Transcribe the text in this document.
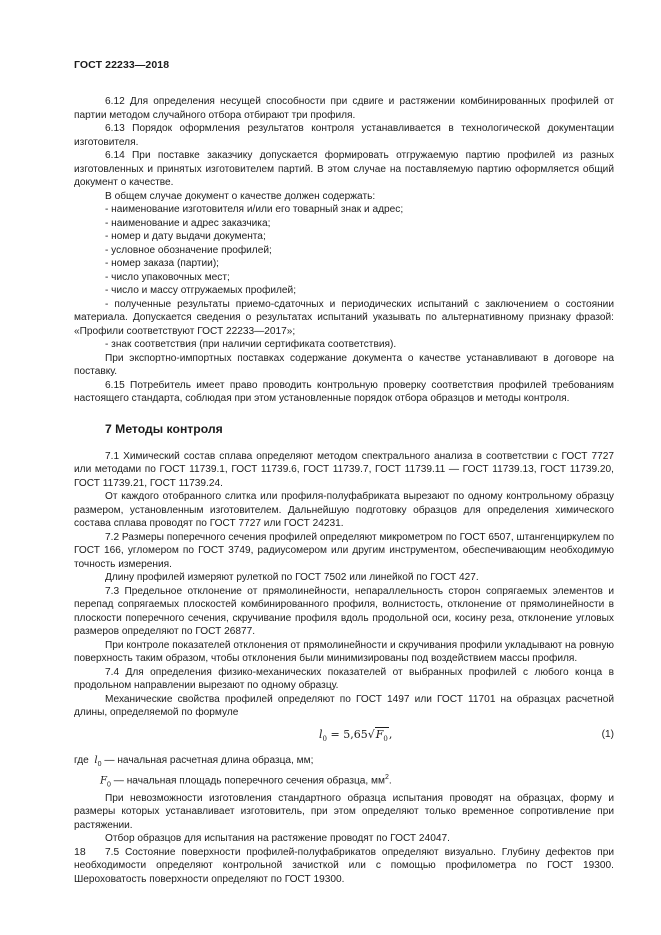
ГОСТ 22233—2018

6.12 Для определения несущей способности при сдвиге и растяжении комбинированных профилей от партии методом случайного отбора отбирают три профиля.

6.13 Порядок оформления результатов контроля устанавливается в технологической документации изготовителя.

6.14 При поставке заказчику допускается формировать отгружаемую партию профилей из разных изготовленных и принятых изготовителем партий. В этом случае на поставляемую партию оформляется общий документ о качестве.

В общем случае документ о качестве должен содержать:

- наименование изготовителя и/или его товарный знак и адрес;

- наименование и адрес заказчика;

- номер и дату выдачи документа;

- условное обозначение профилей;

- номер заказа (партии);

- число упаковочных мест;

- число и массу отгружаемых профилей;

- полученные результаты приемо-сдаточных и периодических испытаний с заключением о состоянии материала. Допускается сведения о результатах испытаний указывать по альтернативному признаку фразой: «Профили соответствуют ГОСТ 22233—2017»;

- знак соответствия (при наличии сертификата соответствия).

При экспортно-импортных поставках содержание документа о качестве устанавливают в договоре на поставку.

6.15 Потребитель имеет право проводить контрольную проверку соответствия профилей требованиям настоящего стандарта, соблюдая при этом установленные порядок отбора образцов и методы контроля.

7 Методы контроля

7.1 Химический состав сплава определяют методом спектрального анализа в соответствии с ГОСТ 7727 или методами по ГОСТ 11739.1, ГОСТ 11739.6, ГОСТ 11739.7, ГОСТ 11739.11 — ГОСТ 11739.13, ГОСТ 11739.20, ГОСТ 11739.21, ГОСТ 11739.24.

От каждого отобранного слитка или профиля-полуфабриката вырезают по одному контрольному образцу размером, установленным изготовителем. Дальнейшую подготовку образцов для определения химического состава сплава проводят по ГОСТ 7727 или ГОСТ 24231.

7.2 Размеры поперечного сечения профилей определяют микрометром по ГОСТ 6507, штангенциркулем по ГОСТ 166, угломером по ГОСТ 3749, радиусомером или другим инструментом, обеспечивающим необходимую точность измерения.

Длину профилей измеряют рулеткой по ГОСТ 7502 или линейкой по ГОСТ 427.

7.3 Предельное отклонение от прямолинейности, непараллельность сторон сопрягаемых элементов и перепад сопрягаемых плоскостей комбинированного профиля, волнистость, отклонение от прямолинейности в плоскости поперечного сечения, скручивание профиля вдоль продольной оси, косину реза, отклонение угловых размеров определяют по ГОСТ 26877.

При контроле показателей отклонения от прямолинейности и скручивания профили укладывают на ровную поверхность таким образом, чтобы отклонения были минимизированы под воздействием массы профиля.

7.4 Для определения физико-механических показателей от выбранных профилей с любого конца в продольном направлении вырезают по одному образцу.

Механические свойства профилей определяют по ГОСТ 1497 или ГОСТ 11701 на образцах расчетной длины, определяемой по формуле

$l_0 = 5,65√F_0$,	(1)

где $l_0$ — начальная расчетная длина образца, мм;

$F_0$ — начальная площадь поперечного сечения образца, $мм^2$.

При невозможности изготовления стандартного образца испытания проводят на образцах, форму и размеры которых устанавливает изготовитель, при этом определяют только временное сопротивление при растяжении.

Отбор образцов для испытания на растяжение проводят по ГОСТ 24047.

7.5 Состояние поверхности профилей-полуфабрикатов определяют визуально. Глубину дефектов при необходимости определяют контрольной зачисткой или с помощью профилометра по ГОСТ 19300. Шероховатость поверхности определяют по ГОСТ 19300.

18
